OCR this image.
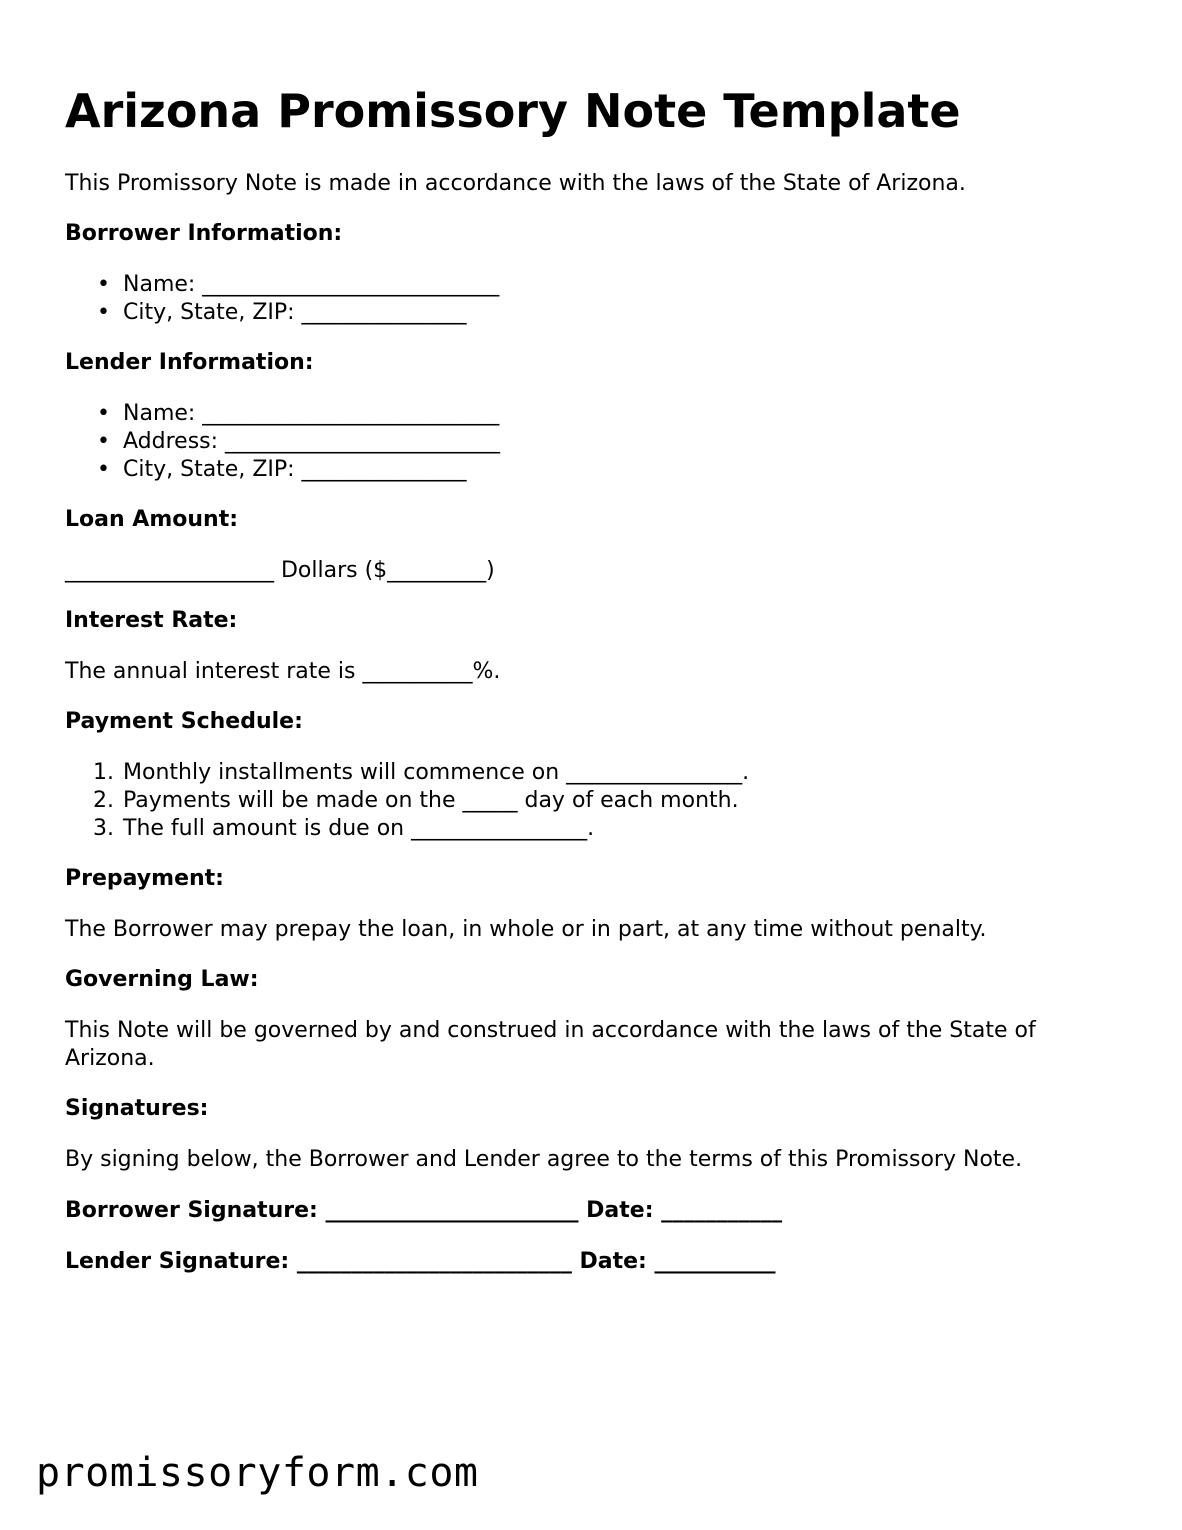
Arizona Promissory Note Template

This Promissory Note is made in accordance with the laws of the State of Arizona.

Borrower Information:

• Name: ___________________________
• City, State, ZIP: _______________

Lender Information:

• Name: ___________________________
• Address: _________________________
• City, State, ZIP: _______________

Loan Amount:

___________________ Dollars ($_________)

Interest Rate:

The annual interest rate is __________%.

Payment Schedule:

1. Monthly installments will commence on ________________.
2. Payments will be made on the _____ day of each month.
3. The full amount is due on ________________.

Prepayment:

The Borrower may prepay the loan, in whole or in part, at any time without penalty.

Governing Law:

This Note will be governed by and construed in accordance with the laws of the State of Arizona.

Signatures:

By signing below, the Borrower and Lender agree to the terms of this Promissory Note.

Borrower Signature: _______________________ Date: ___________

Lender Signature: _________________________ Date: ___________

promissoryform.com
